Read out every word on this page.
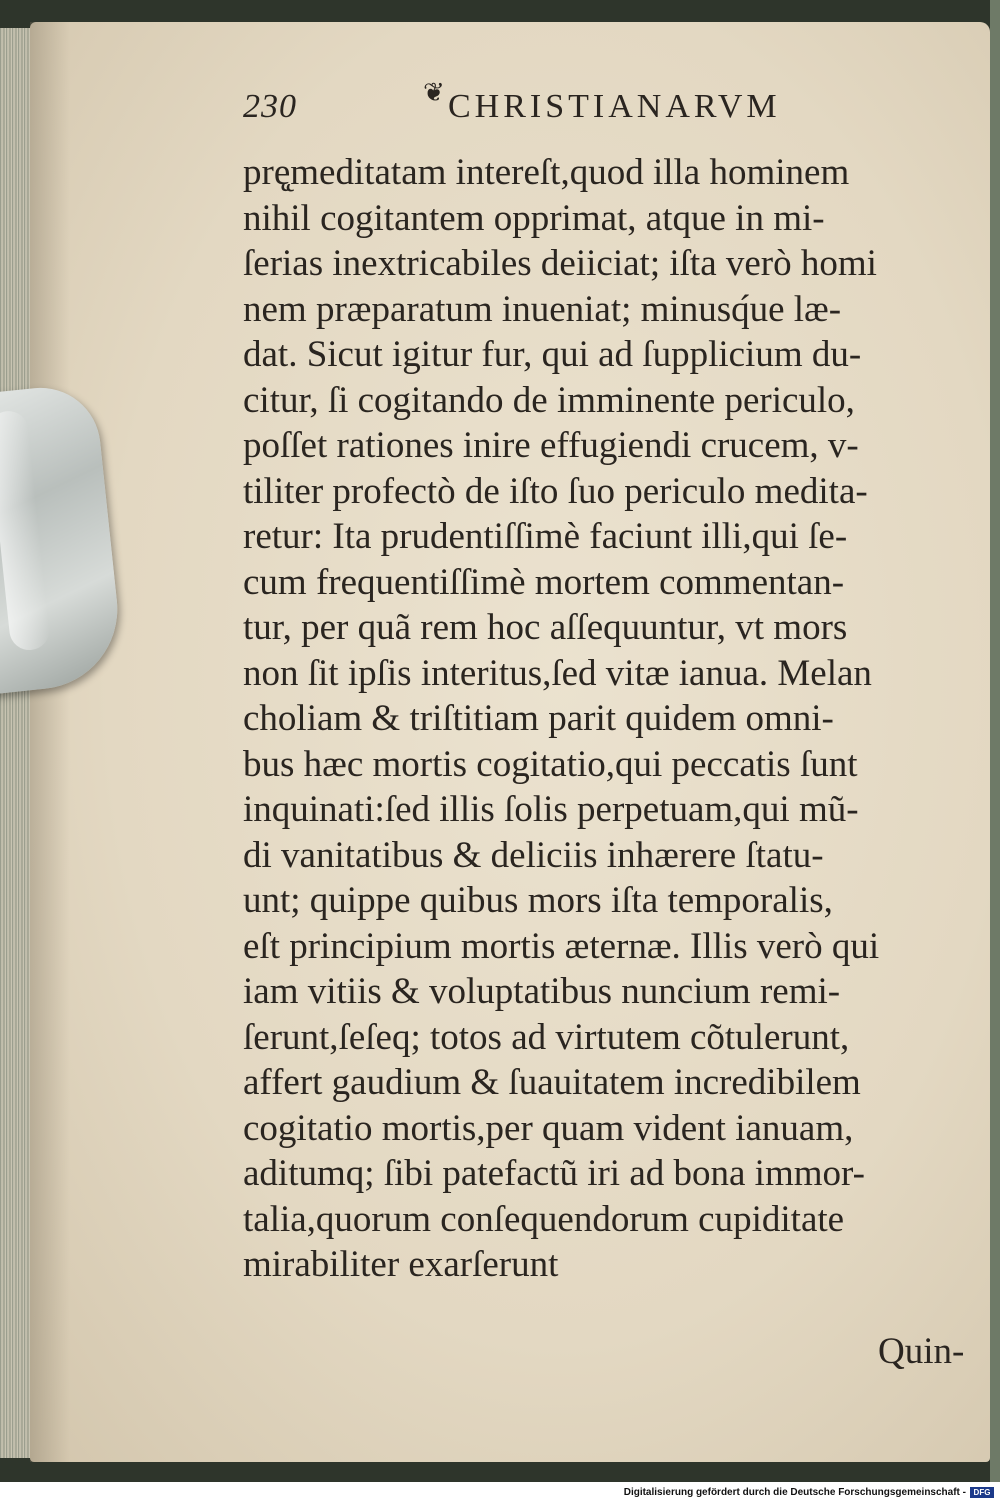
230	❦ CHRISTIANARVM
prę̨meditatam intereſt,quod illa hominem
nihil cogitantem opprimat, atque in mi-
ſerias inextricabiles deiiciat; iſta verò homi
nem præparatum inueniat; minusq́ue læ-
dat. Sicut igitur fur, qui ad ſupplicium du-
citur, ſi cogitando de imminente periculo,
poſſet rationes inire effugiendi crucem, v-
tiliter profectò de iſto ſuo periculo medita-
retur: Ita prudentiſſimè faciunt illi,qui ſe-
cum frequentiſſimè mortem commentan-
tur, per quã rem hoc aſſequuntur, vt mors
non ſit ipſis interitus,ſed vitæ ianua. Melan
choliam & triſtitiam parit quidem omni-
bus hæc mortis cogitatio,qui peccatis ſunt
inquinati:ſed illis ſolis perpetuam,qui mũ-
di vanitatibus & deliciis inhærere ſtatu-
unt; quippe quibus mors iſta temporalis,
eſt principium mortis æternæ. Illis verò qui
iam vitiis & voluptatibus nuncium remi-
ſerunt,ſeſeq; totos ad virtutem cõtulerunt,
affert gaudium & ſuauitatem incredibilem
cogitatio mortis,per quam vident ianuam,
aditumq; ſibi patefactũ iri ad bona immor-
talia,quorum conſequendorum cupiditate
mirabiliter exarſerunt
Quin-
Digitalisierung gefördert durch die Deutsche Forschungsgemeinschaft - DFG
